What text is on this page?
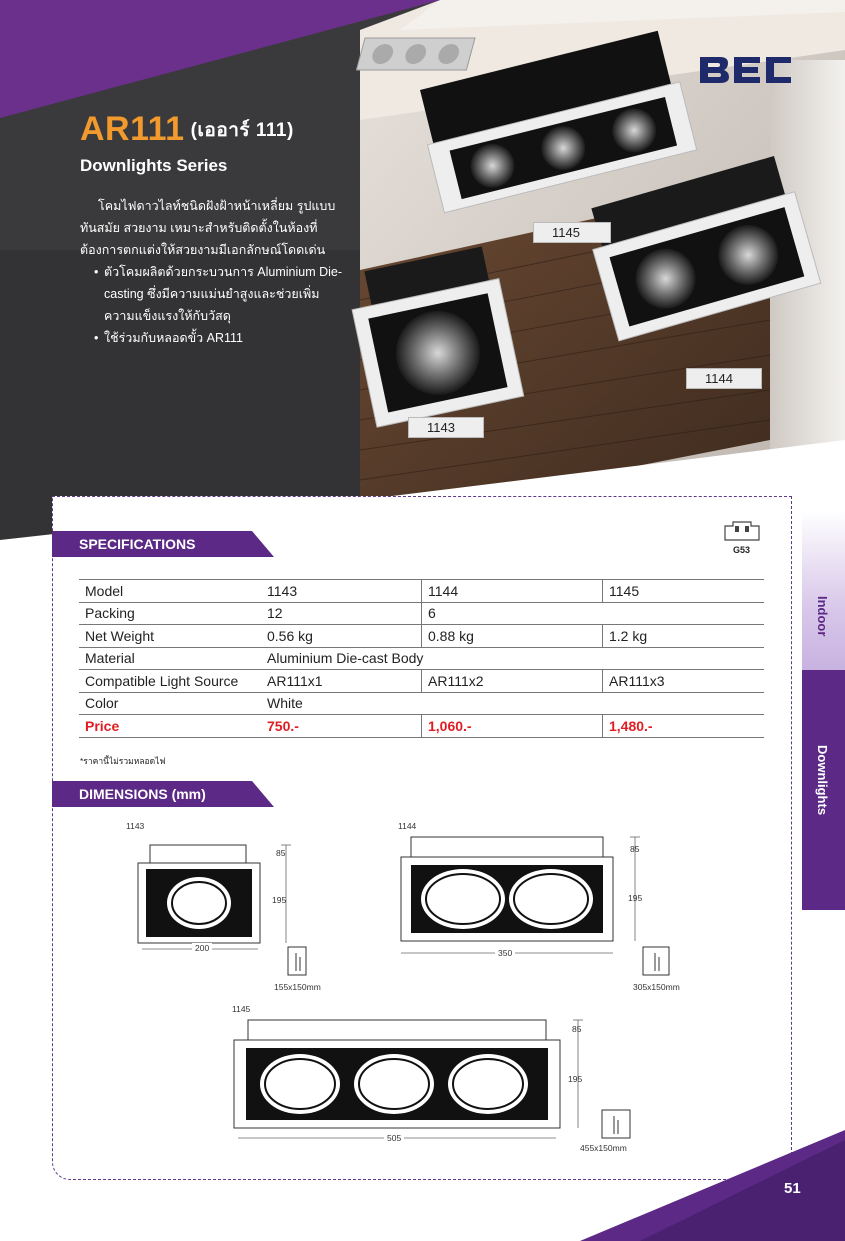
AR111 (เออาร์ 111)
Downlights Series

โคมไฟดาวไลท์ชนิดฝังฝ้าหน้าเหลี่ยม รูปแบบทันสมัย สวยงาม เหมาะสำหรับติดตั้งในห้องที่ต้องการตกแต่งให้สวยงามมีเอกลักษณ์โดดเด่น

• ตัวโคมผลิตด้วยกระบวนการ Aluminium Die-casting ซึ่งมีความแม่นยำสูงและช่วยเพิ่มความแข็งแรงให้กับวัสดุ
• ใช้ร่วมกับหลอดขั้ว AR111
1145
1144
1143
Indoor
Downlights
SPECIFICATIONS	G53
Model	1143	1144	1145
Packing	12	6	
Net Weight	0.56 kg	0.88 kg	1.2 kg
Material	Aluminium Die-cast Body		
Compatible Light Source	AR111x1	AR111x2	AR111x3
Color	White		
Price	750.-	1,060.-	1,480.-
*ราคานี้ไม่รวมหลอดไฟ
DIMENSIONS (mm)
1143
85
195
200
155x150mm
1144
85
195
350
305x150mm
1145
85
195
505
455x150mm
51
